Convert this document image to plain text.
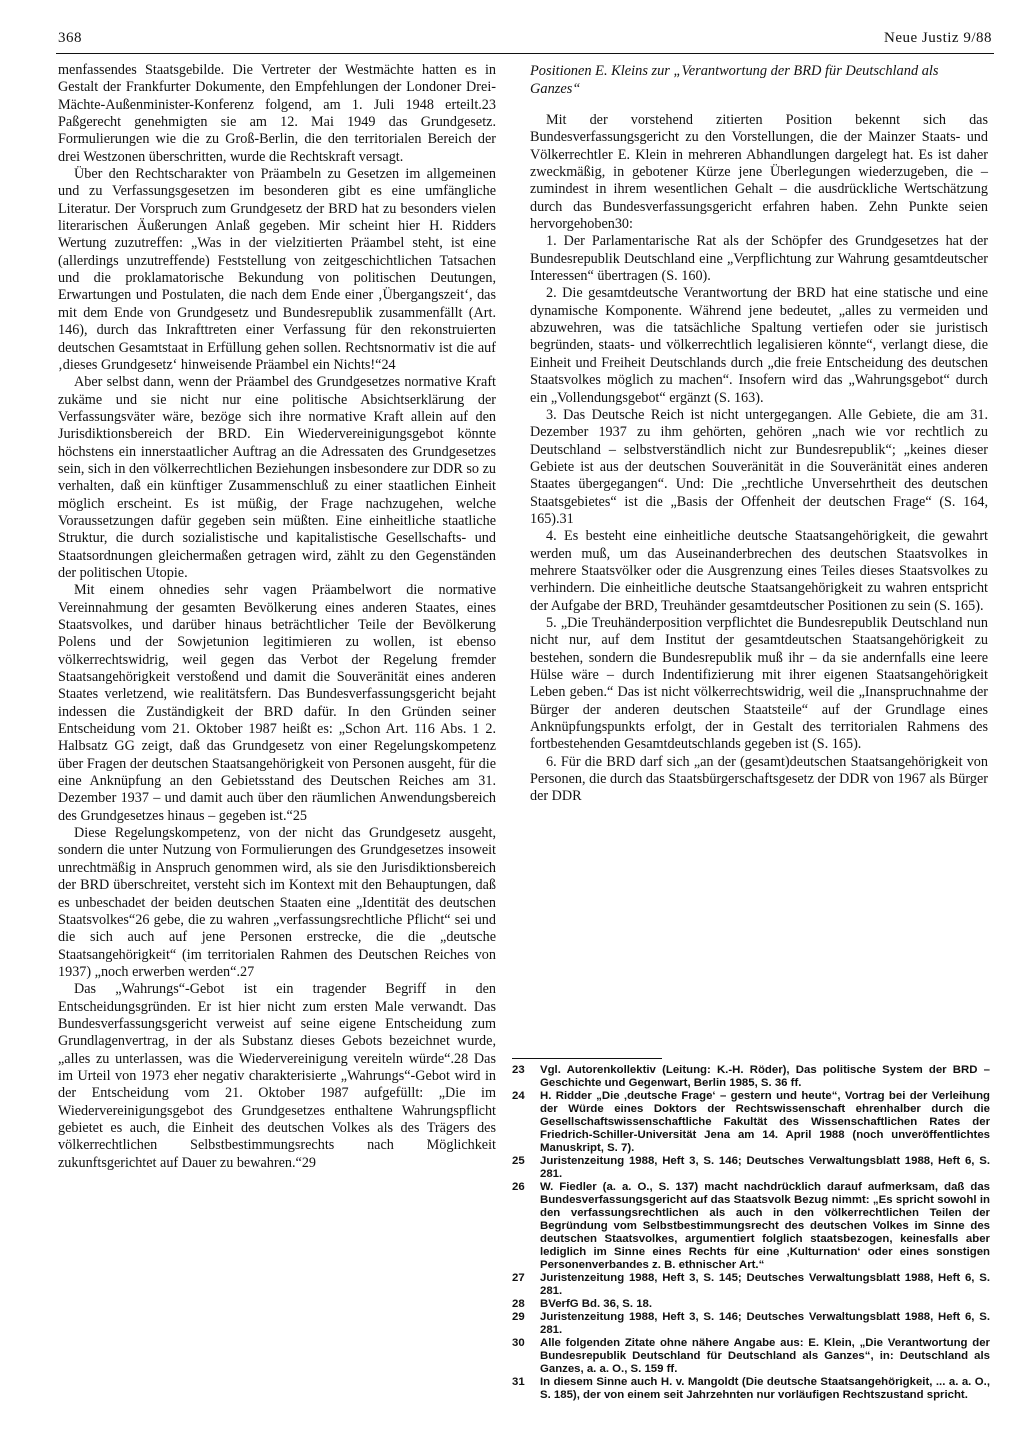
368	Neue Justiz 9/88

menfassendes Staatsgebilde. Die Vertreter der Westmächte hatten es in Gestalt der Frankfurter Dokumente, den Empfehlungen der Londoner Drei-Mächte-Außenminister-Konferenz folgend, am 1. Juli 1948 erteilt.23 Paßgerecht genehmigten sie am 12. Mai 1949 das Grundgesetz. Formulierungen wie die zu Groß-Berlin, die den territorialen Bereich der drei Westzonen überschritten, wurde die Rechtskraft versagt.

Über den Rechtscharakter von Präambeln zu Gesetzen im allgemeinen und zu Verfassungsgesetzen im besonderen gibt es eine umfängliche Literatur. Der Vorspruch zum Grundgesetz der BRD hat zu besonders vielen literarischen Äußerungen Anlaß gegeben. Mir scheint hier H. Ridders Wertung zuzutreffen: „Was in der vielzitierten Präambel steht, ist eine (allerdings unzutreffende) Feststellung von zeitgeschichtlichen Tatsachen und die proklamatorische Bekundung von politischen Deutungen, Erwartungen und Postulaten, die nach dem Ende einer ‚Übergangszeit‘, das mit dem Ende von Grundgesetz und Bundesrepublik zusammenfällt (Art. 146), durch das Inkrafttreten einer Verfassung für den rekonstruierten deutschen Gesamtstaat in Erfüllung gehen sollen. Rechtsnormativ ist die auf ‚dieses Grundgesetz‘ hinweisende Präambel ein Nichts!“24

Aber selbst dann, wenn der Präambel des Grundgesetzes normative Kraft zukäme und sie nicht nur eine politische Absichtserklärung der Verfassungsväter wäre, bezöge sich ihre normative Kraft allein auf den Jurisdiktionsbereich der BRD. Ein Wiedervereinigungsgebot könnte höchstens ein innerstaatlicher Auftrag an die Adressaten des Grundgesetzes sein, sich in den völkerrechtlichen Beziehungen insbesondere zur DDR so zu verhalten, daß ein künftiger Zusammenschluß zu einer staatlichen Einheit möglich erscheint. Es ist müßig, der Frage nachzugehen, welche Voraussetzungen dafür gegeben sein müßten. Eine einheitliche staatliche Struktur, die durch sozialistische und kapitalistische Gesellschafts- und Staatsordnungen gleichermaßen getragen wird, zählt zu den Gegenständen der politischen Utopie.

Mit einem ohnedies sehr vagen Präambelwort die normative Vereinnahmung der gesamten Bevölkerung eines anderen Staates, eines Staatsvolkes, und darüber hinaus beträchtlicher Teile der Bevölkerung Polens und der Sowjetunion legitimieren zu wollen, ist ebenso völkerrechtswidrig, weil gegen das Verbot der Regelung fremder Staatsangehörigkeit verstoßend und damit die Souveränität eines anderen Staates verletzend, wie realitätsfern. Das Bundesverfassungsgericht bejaht indessen die Zuständigkeit der BRD dafür. In den Gründen seiner Entscheidung vom 21. Oktober 1987 heißt es: „Schon Art. 116 Abs. 1 2. Halbsatz GG zeigt, daß das Grundgesetz von einer Regelungskompetenz über Fragen der deutschen Staatsangehörigkeit von Personen ausgeht, für die eine Anknüpfung an den Gebietsstand des Deutschen Reiches am 31. Dezember 1937 – und damit auch über den räumlichen Anwendungsbereich des Grundgesetzes hinaus – gegeben ist.“25

Diese Regelungskompetenz, von der nicht das Grundgesetz ausgeht, sondern die unter Nutzung von Formulierungen des Grundgesetzes insoweit unrechtmäßig in Anspruch genommen wird, als sie den Jurisdiktionsbereich der BRD überschreitet, versteht sich im Kontext mit den Behauptungen, daß es unbeschadet der beiden deutschen Staaten eine „Identität des deutschen Staatsvolkes“26 gebe, die zu wahren „verfassungsrechtliche Pflicht“ sei und die sich auch auf jene Personen erstrecke, die die „deutsche Staatsangehörigkeit“ (im territorialen Rahmen des Deutschen Reiches von 1937) „noch erwerben werden“.27

Das „Wahrungs“-Gebot ist ein tragender Begriff in den Entscheidungsgründen. Er ist hier nicht zum ersten Male verwandt. Das Bundesverfassungsgericht verweist auf seine eigene Entscheidung zum Grundlagenvertrag, in der als Substanz dieses Gebots bezeichnet wurde, „alles zu unterlassen, was die Wiedervereinigung vereiteln würde“.28 Das im Urteil von 1973 eher negativ charakterisierte „Wahrungs“-Gebot wird in der Entscheidung vom 21. Oktober 1987 aufgefüllt: „Die im Wiedervereinigungsgebot des Grundgesetzes enthaltene Wahrungspflicht gebietet es auch, die Einheit des deutschen Volkes als des Trägers des völkerrechtlichen Selbstbestimmungsrechts nach Möglichkeit zukunftsgerichtet auf Dauer zu bewahren.“29

Positionen E. Kleins zur „Verantwortung der BRD für Deutschland als Ganzes“

Mit der vorstehend zitierten Position bekennt sich das Bundesverfassungsgericht zu den Vorstellungen, die der Mainzer Staats- und Völkerrechtler E. Klein in mehreren Abhandlungen dargelegt hat. Es ist daher zweckmäßig, in gebotener Kürze jene Überlegungen wiederzugeben, die – zumindest in ihrem wesentlichen Gehalt – die ausdrückliche Wertschätzung durch das Bundesverfassungsgericht erfahren haben. Zehn Punkte seien hervorgehoben30:

1. Der Parlamentarische Rat als der Schöpfer des Grundgesetzes hat der Bundesrepublik Deutschland eine „Verpflichtung zur Wahrung gesamtdeutscher Interessen“ übertragen (S. 160).

2. Die gesamtdeutsche Verantwortung der BRD hat eine statische und eine dynamische Komponente. Während jene bedeutet, „alles zu vermeiden und abzuwehren, was die tatsächliche Spaltung vertiefen oder sie juristisch begründen, staats- und völkerrechtlich legalisieren könnte“, verlangt diese, die Einheit und Freiheit Deutschlands durch „die freie Entscheidung des deutschen Staatsvolkes möglich zu machen“. Insofern wird das „Wahrungsgebot“ durch ein „Vollendungsgebot“ ergänzt (S. 163).

3. Das Deutsche Reich ist nicht untergegangen. Alle Gebiete, die am 31. Dezember 1937 zu ihm gehörten, gehören „nach wie vor rechtlich zu Deutschland – selbstverständlich nicht zur Bundesrepublik“; „keines dieser Gebiete ist aus der deutschen Souveränität in die Souveränität eines anderen Staates übergegangen“. Und: Die „rechtliche Unversehrtheit des deutschen Staatsgebietes“ ist die „Basis der Offenheit der deutschen Frage“ (S. 164, 165).31

4. Es besteht eine einheitliche deutsche Staatsangehörigkeit, die gewahrt werden muß, um das Auseinanderbrechen des deutschen Staatsvolkes in mehrere Staatsvölker oder die Ausgrenzung eines Teiles dieses Staatsvolkes zu verhindern. Die einheitliche deutsche Staatsangehörigkeit zu wahren entspricht der Aufgabe der BRD, Treuhänder gesamtdeutscher Positionen zu sein (S. 165).

5. „Die Treuhänderposition verpflichtet die Bundesrepublik Deutschland nun nicht nur, auf dem Institut der gesamtdeutschen Staatsangehörigkeit zu bestehen, sondern die Bundesrepublik muß ihr – da sie andernfalls eine leere Hülse wäre – durch Indentifizierung mit ihrer eigenen Staatsangehörigkeit Leben geben.“ Das ist nicht völkerrechtswidrig, weil die „Inanspruchnahme der Bürger der anderen deutschen Staatsteile“ auf der Grundlage eines Anknüpfungspunkts erfolgt, der in Gestalt des territorialen Rahmens des fortbestehenden Gesamtdeutschlands gegeben ist (S. 165).

6. Für die BRD darf sich „an der (gesamt)deutschen Staatsangehörigkeit von Personen, die durch das Staatsbürgerschaftsgesetz der DDR von 1967 als Bürger der DDR

23	Vgl. Autorenkollektiv (Leitung: K.-H. Röder), Das politische System der BRD – Geschichte und Gegenwart, Berlin 1985, S. 36 ff.
24	H. Ridder „Die ‚deutsche Frage‘ – gestern und heute“, Vortrag bei der Verleihung der Würde eines Doktors der Rechtswissenschaft ehrenhalber durch die Gesellschaftswissenschaftliche Fakultät des Wissenschaftlichen Rates der Friedrich-Schiller-Universität Jena am 14. April 1988 (noch unveröffentlichtes Manuskript, S. 7).
25	Juristenzeitung 1988, Heft 3, S. 146; Deutsches Verwaltungsblatt 1988, Heft 6, S. 281.
26	W. Fiedler (a. a. O., S. 137) macht nachdrücklich darauf aufmerksam, daß das Bundesverfassungsgericht auf das Staatsvolk Bezug nimmt: „Es spricht sowohl in den verfassungsrechtlichen als auch in den völkerrechtlichen Teilen der Begründung vom Selbstbestimmungsrecht des deutschen Volkes im Sinne des deutschen Staatsvolkes, argumentiert folglich staatsbezogen, keinesfalls aber lediglich im Sinne eines Rechts für eine ‚Kulturnation‘ oder eines sonstigen Personenverbandes z. B. ethnischer Art.“
27	Juristenzeitung 1988, Heft 3, S. 145; Deutsches Verwaltungsblatt 1988, Heft 6, S. 281.
28	BVerfG Bd. 36, S. 18.
29	Juristenzeitung 1988, Heft 3, S. 146; Deutsches Verwaltungsblatt 1988, Heft 6, S. 281.
30	Alle folgenden Zitate ohne nähere Angabe aus: E. Klein, „Die Verantwortung der Bundesrepublik Deutschland für Deutschland als Ganzes“, in: Deutschland als Ganzes, a. a. O., S. 159 ff.
31	In diesem Sinne auch H. v. Mangoldt (Die deutsche Staatsangehörigkeit, ... a. a. O., S. 185), der von einem seit Jahrzehnten nur vorläufigen Rechtszustand spricht.
